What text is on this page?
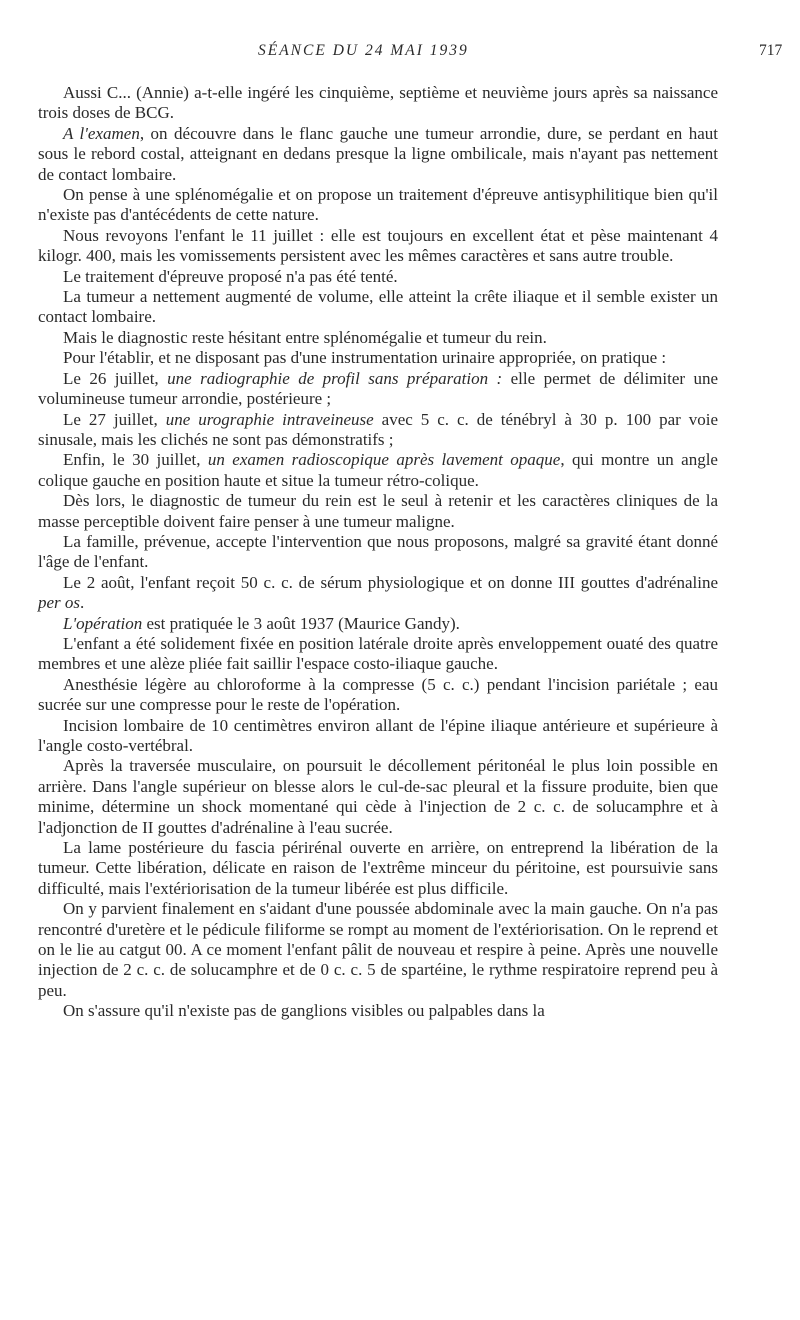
SÉANCE DU 24 MAI 1939	717

Aussi C... (Annie) a-t-elle ingéré les cinquième, septième et neuvième jours après sa naissance trois doses de BCG.

A l'examen, on découvre dans le flanc gauche une tumeur arrondie, dure, se perdant en haut sous le rebord costal, atteignant en dedans presque la ligne ombilicale, mais n'ayant pas nettement de contact lombaire.

On pense à une splénomégalie et on propose un traitement d'épreuve antisyphilitique bien qu'il n'existe pas d'antécédents de cette nature.

Nous revoyons l'enfant le 11 juillet : elle est toujours en excellent état et pèse maintenant 4 kilogr. 400, mais les vomissements persistent avec les mêmes caractères et sans autre trouble.

Le traitement d'épreuve proposé n'a pas été tenté.

La tumeur a nettement augmenté de volume, elle atteint la crête iliaque et il semble exister un contact lombaire.

Mais le diagnostic reste hésitant entre splénomégalie et tumeur du rein.

Pour l'établir, et ne disposant pas d'une instrumentation urinaire appropriée, on pratique :

Le 26 juillet, une radiographie de profil sans préparation : elle permet de délimiter une volumineuse tumeur arrondie, postérieure ;

Le 27 juillet, une urographie intraveineuse avec 5 c. c. de ténébryl à 30 p. 100 par voie sinusale, mais les clichés ne sont pas démonstratifs ;

Enfin, le 30 juillet, un examen radioscopique après lavement opaque, qui montre un angle colique gauche en position haute et situe la tumeur rétro-colique.

Dès lors, le diagnostic de tumeur du rein est le seul à retenir et les caractères cliniques de la masse perceptible doivent faire penser à une tumeur maligne.

La famille, prévenue, accepte l'intervention que nous proposons, malgré sa gravité étant donné l'âge de l'enfant.

Le 2 août, l'enfant reçoit 50 c. c. de sérum physiologique et on donne III gouttes d'adrénaline per os.

L'opération est pratiquée le 3 août 1937 (Maurice Gandy).

L'enfant a été solidement fixée en position latérale droite après enveloppement ouaté des quatre membres et une alèze pliée fait saillir l'espace costo-iliaque gauche.

Anesthésie légère au chloroforme à la compresse (5 c. c.) pendant l'incision pariétale ; eau sucrée sur une compresse pour le reste de l'opération.

Incision lombaire de 10 centimètres environ allant de l'épine iliaque antérieure et supérieure à l'angle costo-vertébral.

Après la traversée musculaire, on poursuit le décollement péritonéal le plus loin possible en arrière. Dans l'angle supérieur on blesse alors le cul-de-sac pleural et la fissure produite, bien que minime, détermine un shock momentané qui cède à l'injection de 2 c. c. de solucamphre et à l'adjonction de II gouttes d'adrénaline à l'eau sucrée.

La lame postérieure du fascia périrénal ouverte en arrière, on entreprend la libération de la tumeur. Cette libération, délicate en raison de l'extrême minceur du péritoine, est poursuivie sans difficulté, mais l'extériorisation de la tumeur libérée est plus difficile.

On y parvient finalement en s'aidant d'une poussée abdominale avec la main gauche. On n'a pas rencontré d'uretère et le pédicule filiforme se rompt au moment de l'extériorisation. On le reprend et on le lie au catgut 00. A ce moment l'enfant pâlit de nouveau et respire à peine. Après une nouvelle injection de 2 c. c. de solucamphre et de 0 c. c. 5 de spartéine, le rythme respiratoire reprend peu à peu.

On s'assure qu'il n'existe pas de ganglions visibles ou palpables dans la
